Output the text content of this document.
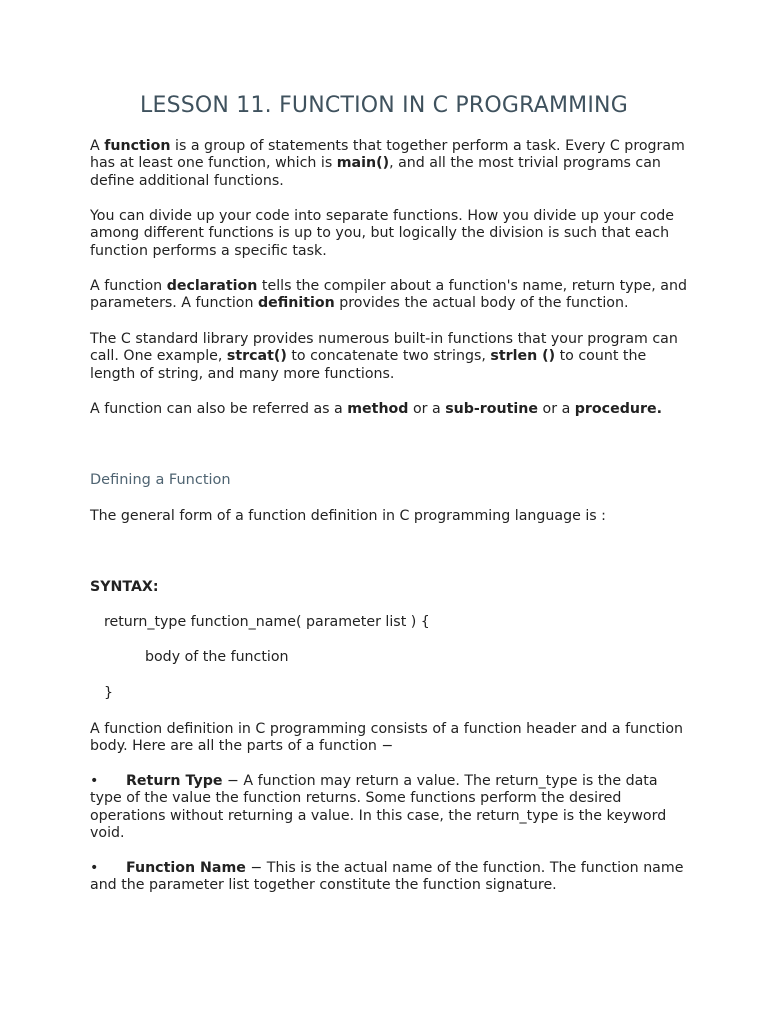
LESSON 11. FUNCTION IN C PROGRAMMING

A function is a group of statements that together perform a task. Every C program has at least one function, which is main(), and all the most trivial programs can define additional functions.

You can divide up your code into separate functions. How you divide up your code among different functions is up to you, but logically the division is such that each function performs a specific task.

A function declaration tells the compiler about a function's name, return type, and parameters. A function definition provides the actual body of the function.

The C standard library provides numerous built-in functions that your program can call. One example, strcat() to concatenate two strings, strlen () to count the length of string, and many more functions.

A function can also be referred as a method or a sub-routine or a procedure.

Defining a Function

The general form of a function definition in C programming language is :

SYNTAX:
return_type function_name( parameter list ) {
body of the function
}

A function definition in C programming consists of a function header and a function body. Here are all the parts of a function −

• Return Type − A function may return a value. The return_type is the data type of the value the function returns. Some functions perform the desired operations without returning a value. In this case, the return_type is the keyword void.

• Function Name − This is the actual name of the function. The function name and the parameter list together constitute the function signature.
